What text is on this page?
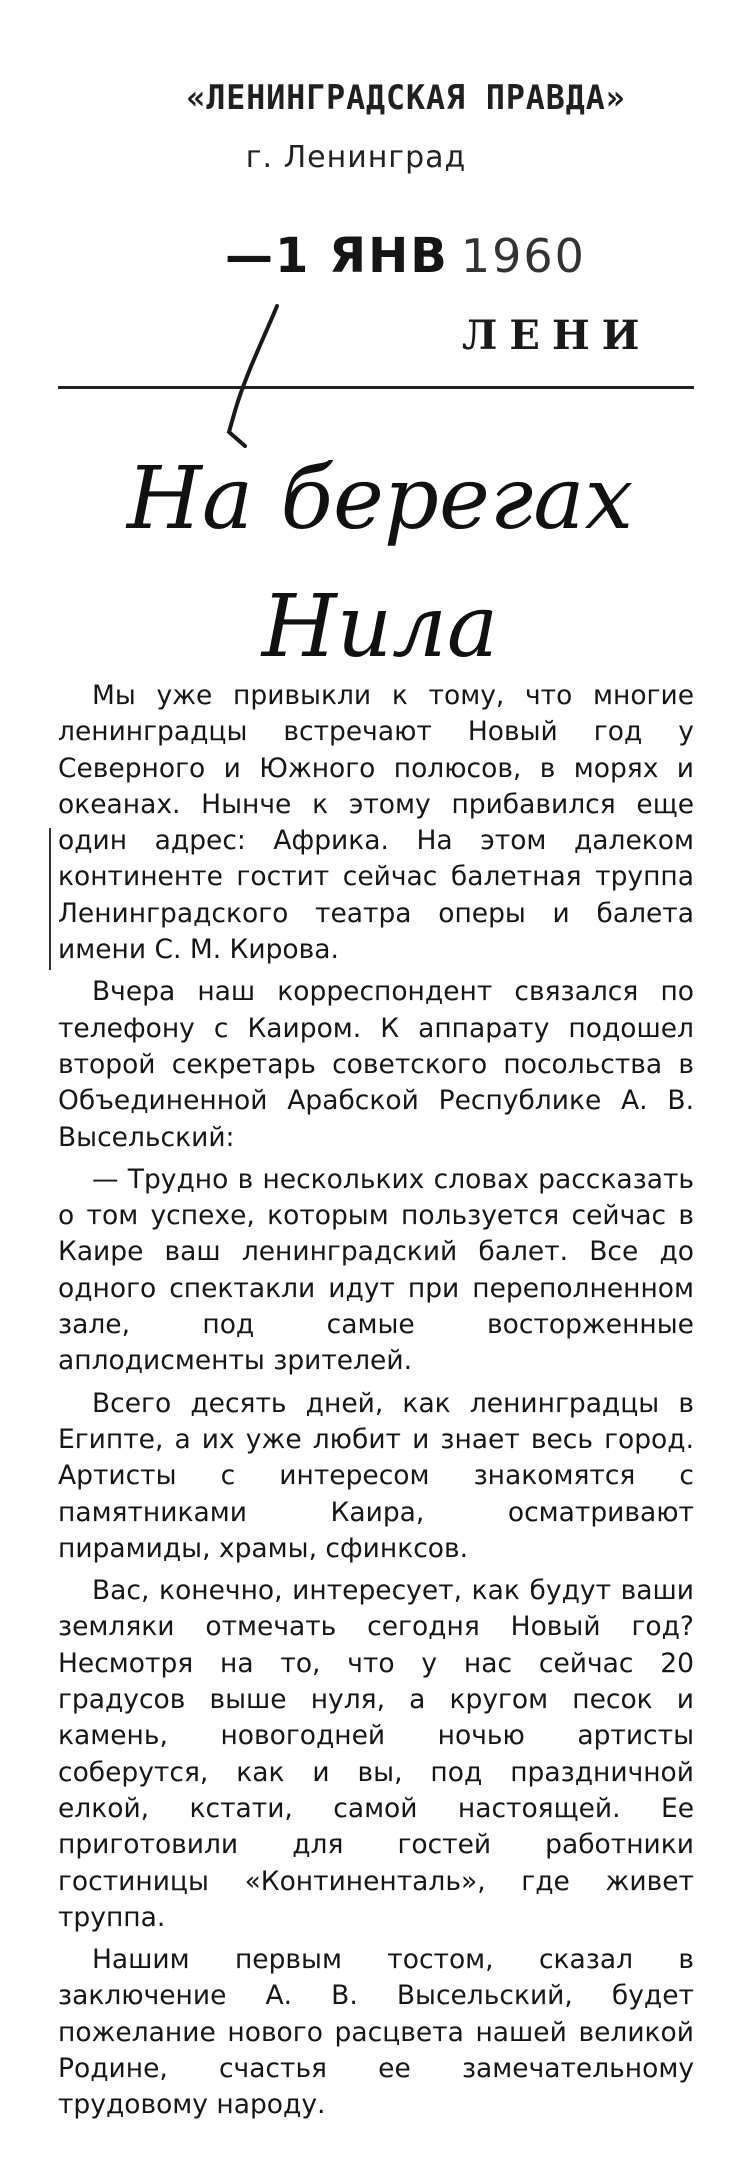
«ЛЕНИНГРАДСКАЯ ПРАВДА»
г. Ленинград
—1 ЯНВ 1960
ЛЕНИ
На берегах
Нила

Мы уже привыкли к тому, что многие ленинградцы встречают Новый год у Северного и Южного полюсов, в морях и океанах. Нынче к этому прибавился еще один адрес: Африка. На этом далеком континенте гостит сейчас балетная труппа Ленинградского театра оперы и балета имени С. М. Кирова.

Вчера наш корреспондент связался по телефону с Каиром. К аппарату подошел второй секретарь советского посольства в Объединенной Арабской Республике А. В. Высельский:

— Трудно в нескольких словах рассказать о том успехе, которым пользуется сейчас в Каире ваш ленинградский балет. Все до одного спектакли идут при переполненном зале, под самые восторженные аплодисменты зрителей.

Всего десять дней, как ленинградцы в Египте, а их уже любит и знает весь город. Артисты с интересом знакомятся с памятниками Каира, осматривают пирамиды, храмы, сфинксов.

Вас, конечно, интересует, как будут ваши земляки отмечать сегодня Новый год? Несмотря на то, что у нас сейчас 20 градусов выше нуля, а кругом песок и камень, новогодней ночью артисты соберутся, как и вы, под праздничной елкой, кстати, самой настоящей. Ее приготовили для гостей работники гостиницы «Континенталь», где живет труппа.

Нашим первым тостом, сказал в заключение А. В. Высельский, будет пожелание нового расцвета нашей великой Родине, счастья ее замечательному трудовому народу.
